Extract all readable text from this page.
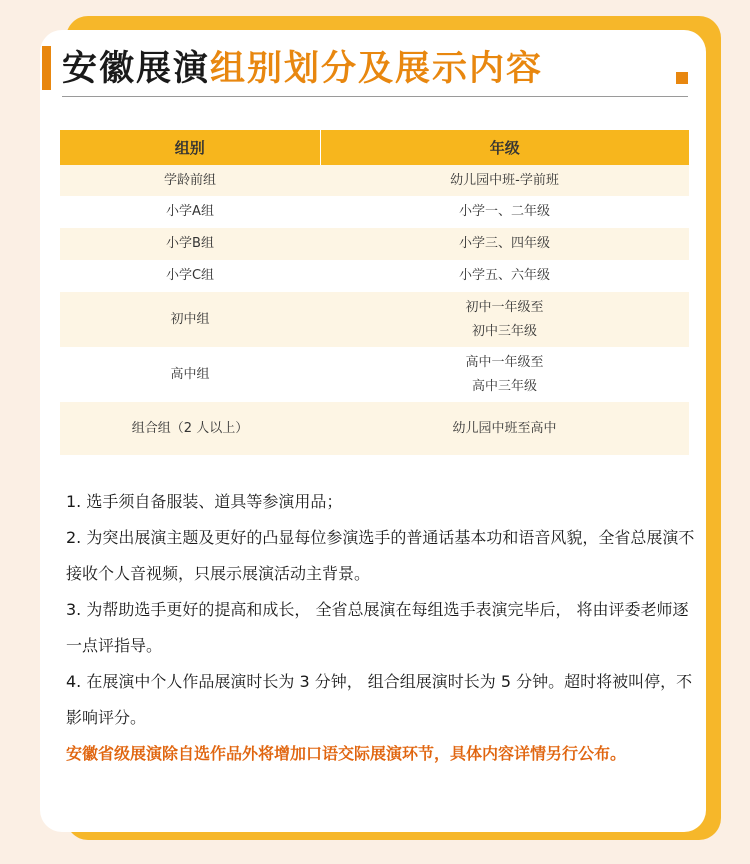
安徽展演组别划分及展示内容
组别	年级
学龄前组	幼儿园中班-学前班

小学A组	小学一、二年级

小学B组	小学三、四年级

小学C组	小学五、六年级

初中组	初中一年级至
初中三年级

高中组	高中一年级至
高中三年级

组合组（2 人以上）	幼儿园中班至高中

1. 选手须自备服装、道具等参演用品；

2. 为突出展演主题及更好的凸显每位参演选手的普通话基本功和语音风貌，全省总展演不接收个人音视频，只展示展演活动主背景。

3. 为帮助选手更好的提高和成长， 全省总展演在每组选手表演完毕后， 将由评委老师逐一点评指导。

4. 在展演中个人作品展演时长为 3 分钟， 组合组展演时长为 5 分钟。超时将被叫停，不影响评分。

安徽省级展演除自选作品外将增加口语交际展演环节，具体内容详情另行公布。
